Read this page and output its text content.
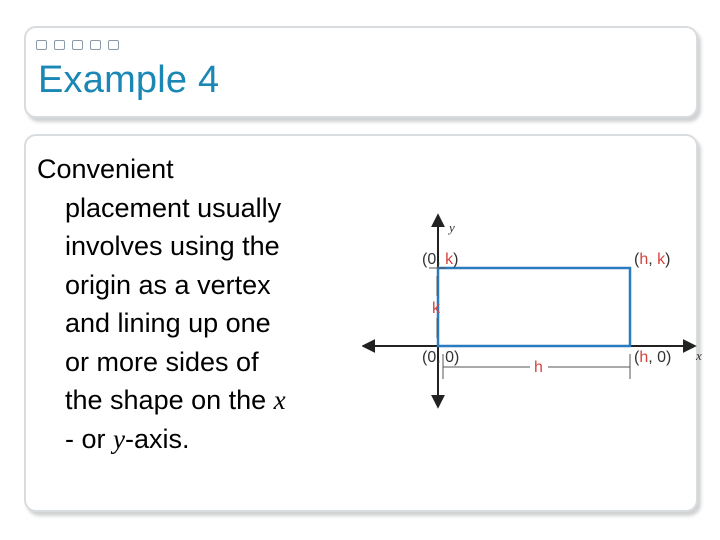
Example 4
Convenient
placement usually
involves using the
origin as a vertex
and lining up one
or more sides of
the shape on the x
- or y-axis.
y
x
(0, k)	(h, k)
(0, 0)	(h, 0)
k
h
